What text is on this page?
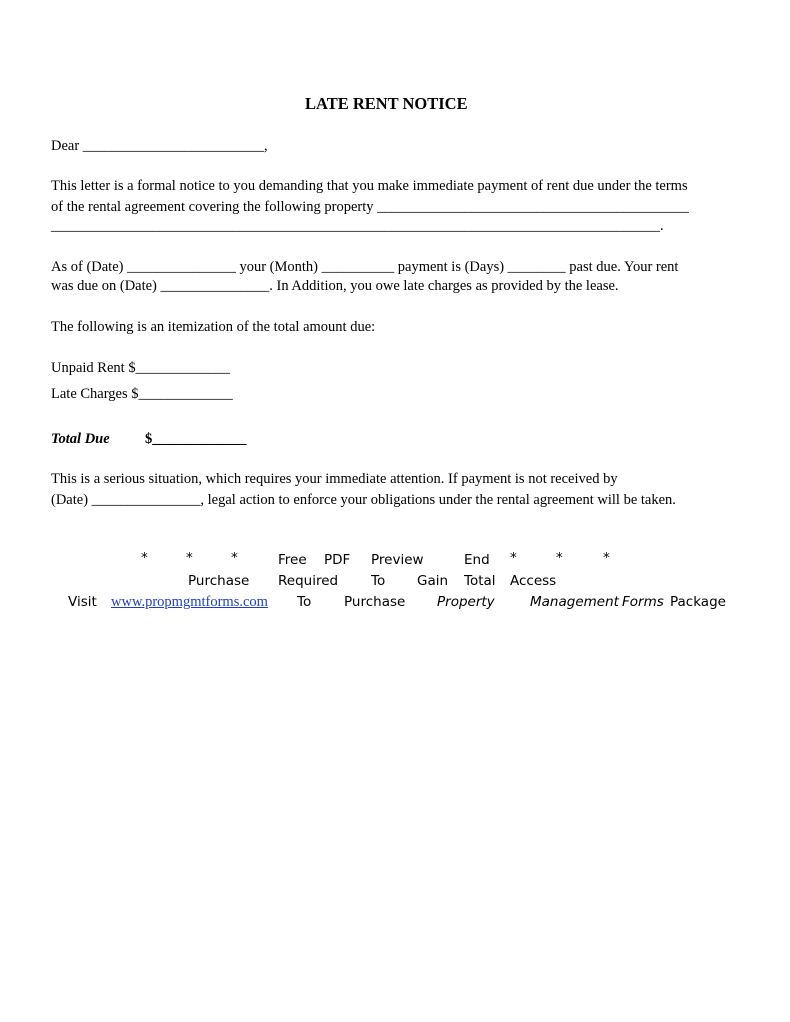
LATE RENT NOTICE
Dear _________________________,
This letter is a formal notice to you demanding that you make immediate payment of rent due under the terms
of the rental agreement covering the following property ___________________________________________
____________________________________________________________________________________.
As of (Date) _______________ your (Month) __________ payment is (Days) ________ past due. Your rent
was due on (Date) _______________. In Addition, you owe late charges as provided by the lease.
The following is an itemization of the total amount due:
Unpaid Rent $_____________
Late Charges $_____________
Total Due $_____________
This is a serious situation, which requires your immediate attention. If payment is not received by
(Date) _______________, legal action to enforce your obligations under the rental agreement will be taken.
*	*	*	Free PDF Preview	End *	*	*
Purchase Required To Gain Total Access
Visit www.propmgmtforms.com To Purchase Property	Management Forms Package
